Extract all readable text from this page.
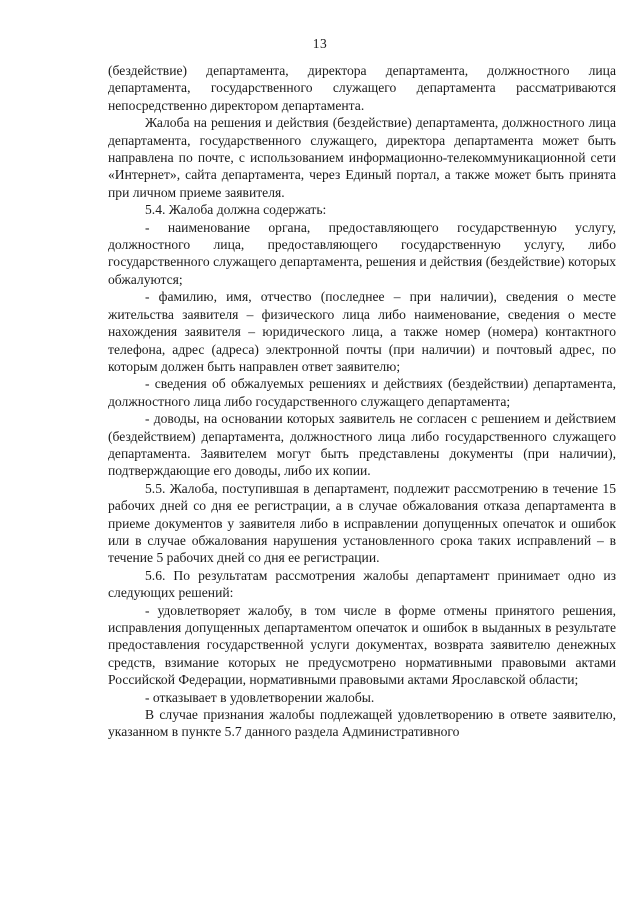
13

(бездействие) департамента, директора департамента, должностного лица департамента, государственного служащего департамента рассматриваются непосредственно директором департамента.

Жалоба на решения и действия (бездействие) департамента, должностного лица департамента, государственного служащего, директора департамента может быть направлена по почте, с использованием информационно-телекоммуникационной сети «Интернет», сайта департамента, через Единый портал, а также может быть принята при личном приеме заявителя.

5.4. Жалоба должна содержать:

- наименование органа, предоставляющего государственную услугу, должностного лица, предоставляющего государственную услугу, либо государственного служащего департамента, решения и действия (бездействие) которых обжалуются;

- фамилию, имя, отчество (последнее – при наличии), сведения о месте жительства заявителя – физического лица либо наименование, сведения о месте нахождения заявителя – юридического лица, а также номер (номера) контактного телефона, адрес (адреса) электронной почты (при наличии) и почтовый адрес, по которым должен быть направлен ответ заявителю;

- сведения об обжалуемых решениях и действиях (бездействии) департамента, должностного лица либо государственного служащего департамента;

- доводы, на основании которых заявитель не согласен с решением и действием (бездействием) департамента, должностного лица либо государственного служащего департамента. Заявителем могут быть представлены документы (при наличии), подтверждающие его доводы, либо их копии.

5.5. Жалоба, поступившая в департамент, подлежит рассмотрению в течение 15 рабочих дней со дня ее регистрации, а в случае обжалования отказа департамента в приеме документов у заявителя либо в исправлении допущенных опечаток и ошибок или в случае обжалования нарушения установленного срока таких исправлений – в течение 5 рабочих дней со дня ее регистрации.

5.6. По результатам рассмотрения жалобы департамент принимает одно из следующих решений:

- удовлетворяет жалобу, в том числе в форме отмены принятого решения, исправления допущенных департаментом опечаток и ошибок в выданных в результате предоставления государственной услуги документах, возврата заявителю денежных средств, взимание которых не предусмотрено нормативными правовыми актами Российской Федерации, нормативными правовыми актами Ярославской области;

- отказывает в удовлетворении жалобы.

В случае признания жалобы подлежащей удовлетворению в ответе заявителю, указанном в пункте 5.7 данного раздела Административного
